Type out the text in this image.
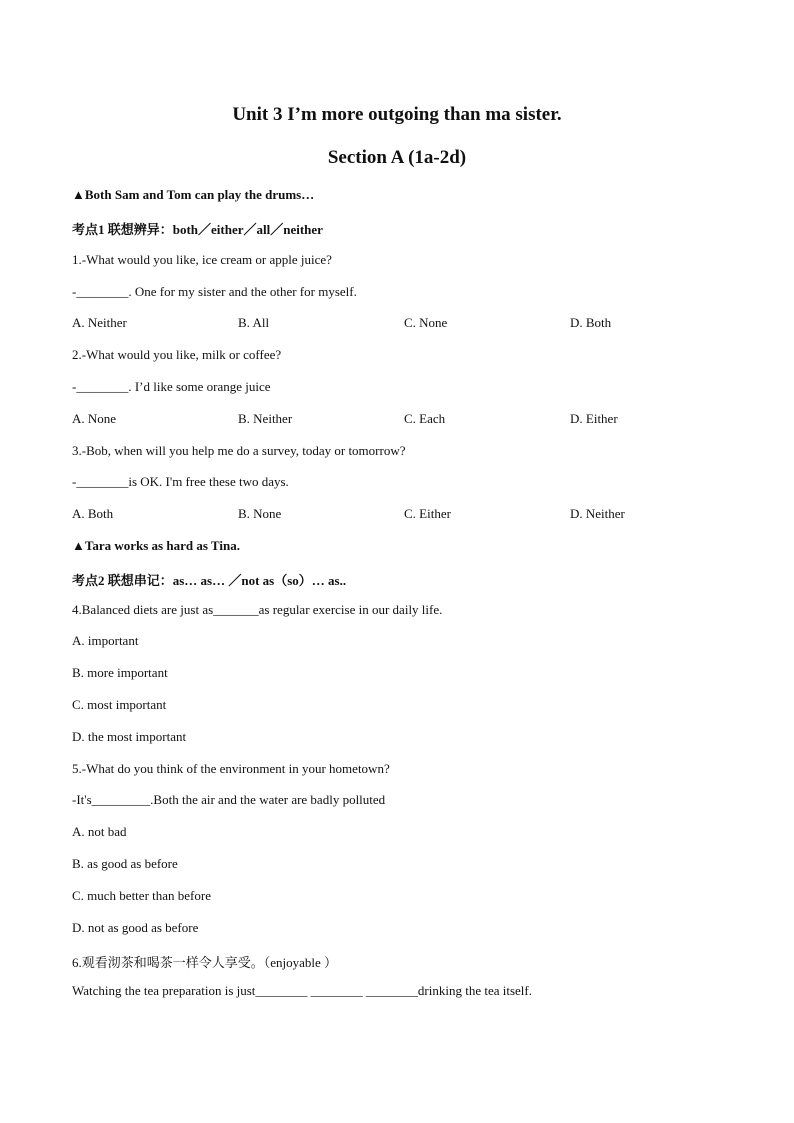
Unit 3 I’m more outgoing than ma sister.
Section A (1a-2d)
▲Both Sam and Tom can play the drums…
考点1 联想辨异：both／either／all／neither
1.-What would you like, ice cream or apple juice?
-________. One for my sister and the other for myself.
A. Neither	B. All	C. None	D. Both
2.-What would you like, milk or coffee?
-________. I’d like some orange juice
A. None	B. Neither	C. Each	D. Either
3.-Bob, when will you help me do a survey, today or tomorrow?
-________is OK. I'm free these two days.
A. Both	B. None	C. Either	D. Neither
▲Tara works as hard as Tina.
考点2 联想串记：as… as… ／not as（so）… as..
4.Balanced diets are just as_______as regular exercise in our daily life.
A. important
B. more important
C. most important
D. the most important
5.-What do you think of the environment in your hometown?
-It's_________.Both the air and the water are badly polluted
A. not bad
B. as good as before
C. much better than before
D. not as good as before
6.观看沏茶和喝茶一样令人享受。（enjoyable ）
Watching the tea preparation is just________ ________ ________drinking the tea itself.
